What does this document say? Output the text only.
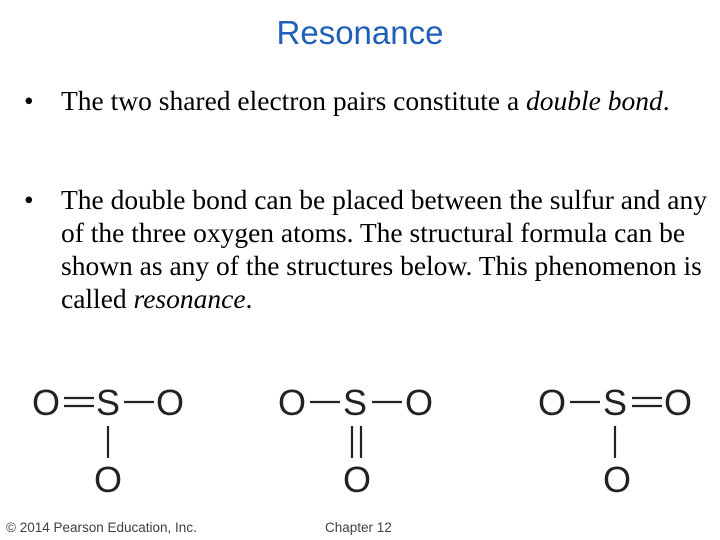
Resonance
• The two shared electron pairs constitute a double bond.
• The double bond can be placed between the sulfur and any of the three oxygen atoms. The structural formula can be shown as any of the structures below. This phenomenon is called resonance.
O S O
O
O S O
O
O S O
O
© 2014 Pearson Education, Inc.	Chapter 12
